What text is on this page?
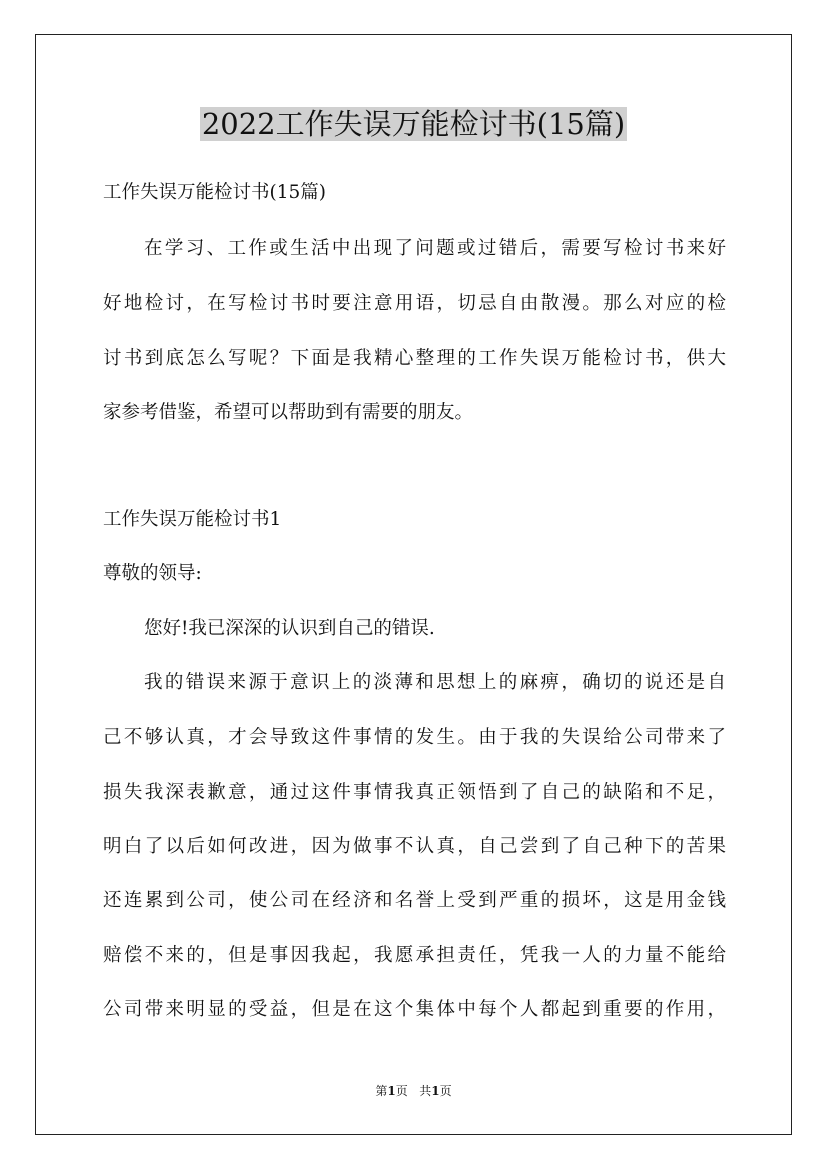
2022工作失误万能检讨书(15篇)

工作失误万能检讨书(15篇)

在学习、工作或生活中出现了问题或过错后，需要写检讨书来好

好地检讨，在写检讨书时要注意用语，切忌自由散漫。那么对应的检

讨书到底怎么写呢？下面是我精心整理的工作失误万能检讨书，供大

家参考借鉴，希望可以帮助到有需要的朋友。

工作失误万能检讨书1

尊敬的领导:

您好!我已深深的认识到自己的错误.

我的错误来源于意识上的淡薄和思想上的麻痹，确切的说还是自

己不够认真，才会导致这件事情的发生。由于我的失误给公司带来了

损失我深表歉意，通过这件事情我真正领悟到了自己的缺陷和不足，

明白了以后如何改进，因为做事不认真，自己尝到了自己种下的苦果

还连累到公司，使公司在经济和名誉上受到严重的损坏，这是用金钱

赔偿不来的，但是事因我起，我愿承担责任，凭我一人的力量不能给

公司带来明显的受益，但是在这个集体中每个人都起到重要的作用，

第1页 共1页
